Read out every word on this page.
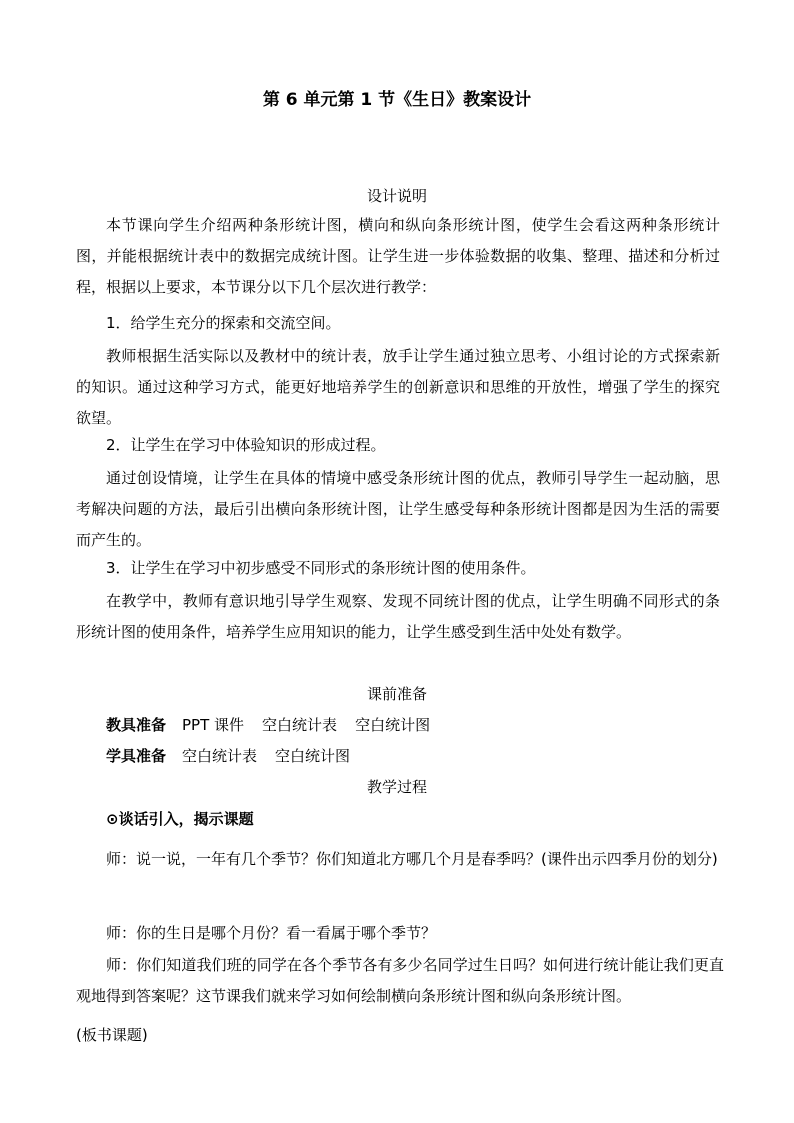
第 6 单元第 1 节《生日》教案设计
设计说明

本节课向学生介绍两种条形统计图，横向和纵向条形统计图，使学生会看这两种条形统计图，并能根据统计表中的数据完成统计图。让学生进一步体验数据的收集、整理、描述和分析过程，根据以上要求，本节课分以下几个层次进行教学：

1．给学生充分的探索和交流空间。

教师根据生活实际以及教材中的统计表，放手让学生通过独立思考、小组讨论的方式探索新的知识。通过这种学习方式，能更好地培养学生的创新意识和思维的开放性，增强了学生的探究欲望。

2．让学生在学习中体验知识的形成过程。

通过创设情境，让学生在具体的情境中感受条形统计图的优点，教师引导学生一起动脑，思考解决问题的方法，最后引出横向条形统计图，让学生感受每种条形统计图都是因为生活的需要而产生的。

3．让学生在学习中初步感受不同形式的条形统计图的使用条件。

在教学中，教师有意识地引导学生观察、发现不同统计图的优点，让学生明确不同形式的条形统计图的使用条件，培养学生应用知识的能力，让学生感受到生活中处处有数学。

课前准备
教具准备 PPT 课件 空白统计表 空白统计图
学具准备 空白统计表 空白统计图
教学过程
⊙谈话引入，揭示课题

师：说一说，一年有几个季节？你们知道北方哪几个月是春季吗？(课件出示四季月份的划分)

师：你的生日是哪个月份？看一看属于哪个季节？

师：你们知道我们班的同学在各个季节各有多少名同学过生日吗？如何进行统计能让我们更直观地得到答案呢？这节课我们就来学习如何绘制横向条形统计图和纵向条形统计图。

(板书课题)
